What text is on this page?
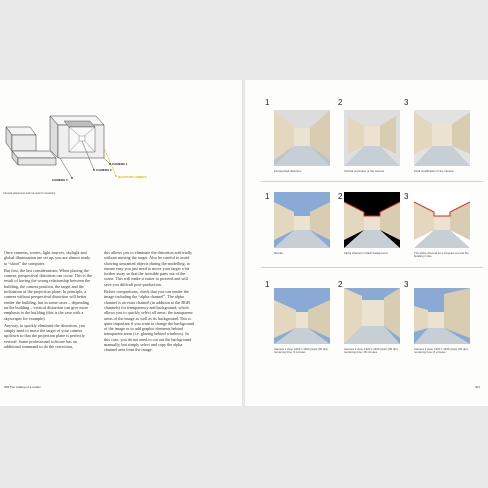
CAMERA 1
CAMERA 2
CAMERA 3
ROOFTOP CAMERA
Camera placement and cut-outs for rendering

Once cameras, scenes, light sources, skylight and global illumination are set up, you are almost ready to “shoot” the computer.

But first, the last considerations: When placing the camera, perspectival distortion can occur. This is the result of having the wrong relationship between the building, the camera position, the target and the inclination of the projection plane. In principle, a camera without perspectival distortion will better render the building, but in some cases – depending on the building – vertical distortion can give more emphasis to the building (this is the case with a skyscraper for example).

Anyway, to quickly eliminate the distortion, you simply need to move the target of your camera up/down so that the projection plane is perfectly vertical. Some professional software has an additional command to do the correction,

this allows you to eliminate the distortion artificially without moving the target. Also be careful to avoid showing unwanted objects during the modelling, to ensure easy you just need to move your target a bit further away so that the invisible parts out of the scene. This will make it easier to proceed and will save you difficult post-production.

Before comparisons, check that you can render the image including the “alpha channel”. The alpha channel is an extra channel (in addition to the RGB channels) for transparency and background, which allows you to quickly select all areas: the transparent areas of the image as well as its background. This is quite important if you want to change the background of the image or to add graphic elements behind transparent areas (i.e. glazing behind windows). In this case, you do not need to cut out the background manually, but simply select and copy the alpha channel area from the image.

300 The making of a render
1	2	3
Perspectival distortion	Vertical correction of the camera	Final modification of the camera
1	2	3
Render	Alpha channel in black background	The alpha channel as a cropped out and the building in line
1	2	3
Camera 1 view, 1900 x 1400 pixels (60 dpi), rendering time: 9 minutes
Camera 2 view, 1900 x 1400 pixels (60 dpi), rendering time: 18 minutes
Camera 3 view, 1900 x 1400 pixels (60 dpi), rendering time: 8 minutes
301
